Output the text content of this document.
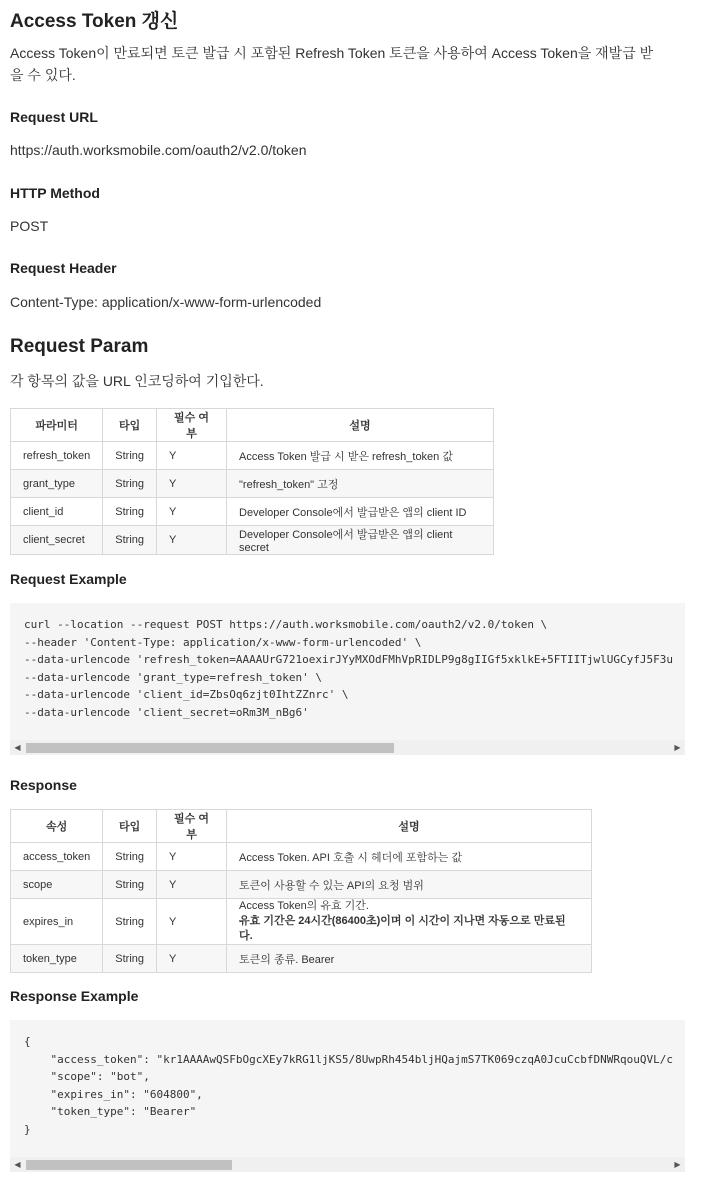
Access Token 갱신

Access Token이 만료되면 토큰 발급 시 포함된 Refresh Token 토큰을 사용하여 Access Token을 재발급 받
을 수 있다.

Request URL

https://auth.worksmobile.com/oauth2/v2.0/token

HTTP Method

POST

Request Header

Content-Type: application/x-www-form-urlencoded

Request Param

각 항목의 값을 URL 인코딩하여 기입한다.

파라미터	타입	필수 여부	설명
refresh_token	String	Y	Access Token 발급 시 받은 refresh_token 값
grant_type	String	Y	"refresh_token" 고정
client_id	String	Y	Developer Console에서 발급받은 앱의 client ID
client_secret	String	Y	Developer Console에서 발급받은 앱의 client secret
Request Example
curl --location --request POST https://auth.worksmobile.com/oauth2/v2.0/token \
--header 'Content-Type: application/x-www-form-urlencoded' \
--data-urlencode 'refresh_token=AAAAUrG721oexirJYyMXOdFMhVpRIDLP9g8gIIGf5xklkE+5FTIITjwlUGCyfJ5F3u
--data-urlencode 'grant_type=refresh_token' \
--data-urlencode 'client_id=ZbsOq6zjt0IhtZZnrc' \
--data-urlencode 'client_secret=oRm3M_nBg6'
◀	▶
Response
속성	타입	필수 여부	설명
access_token	String	Y	Access Token. API 호출 시 헤더에 포함하는 값
scope	String	Y	토큰이 사용할 수 있는 API의 요청 범위
expires_in	String	Y	Access Token의 유효 기간.
유효 기간은 24시간(86400초)이며 이 시간이 지나면 자동으로 만료된다.
token_type	String	Y	토큰의 종류. Bearer
Response Example
{
"access_token": "kr1AAAAwQSFbOgcXEy7kRG1ljKS5/8UwpRh454bljHQajmS7TK069czqA0JcuCcbfDNWRqouQVL/c
"scope": "bot",
"expires_in": "604800",
"token_type": "Bearer"
}
◀	▶
